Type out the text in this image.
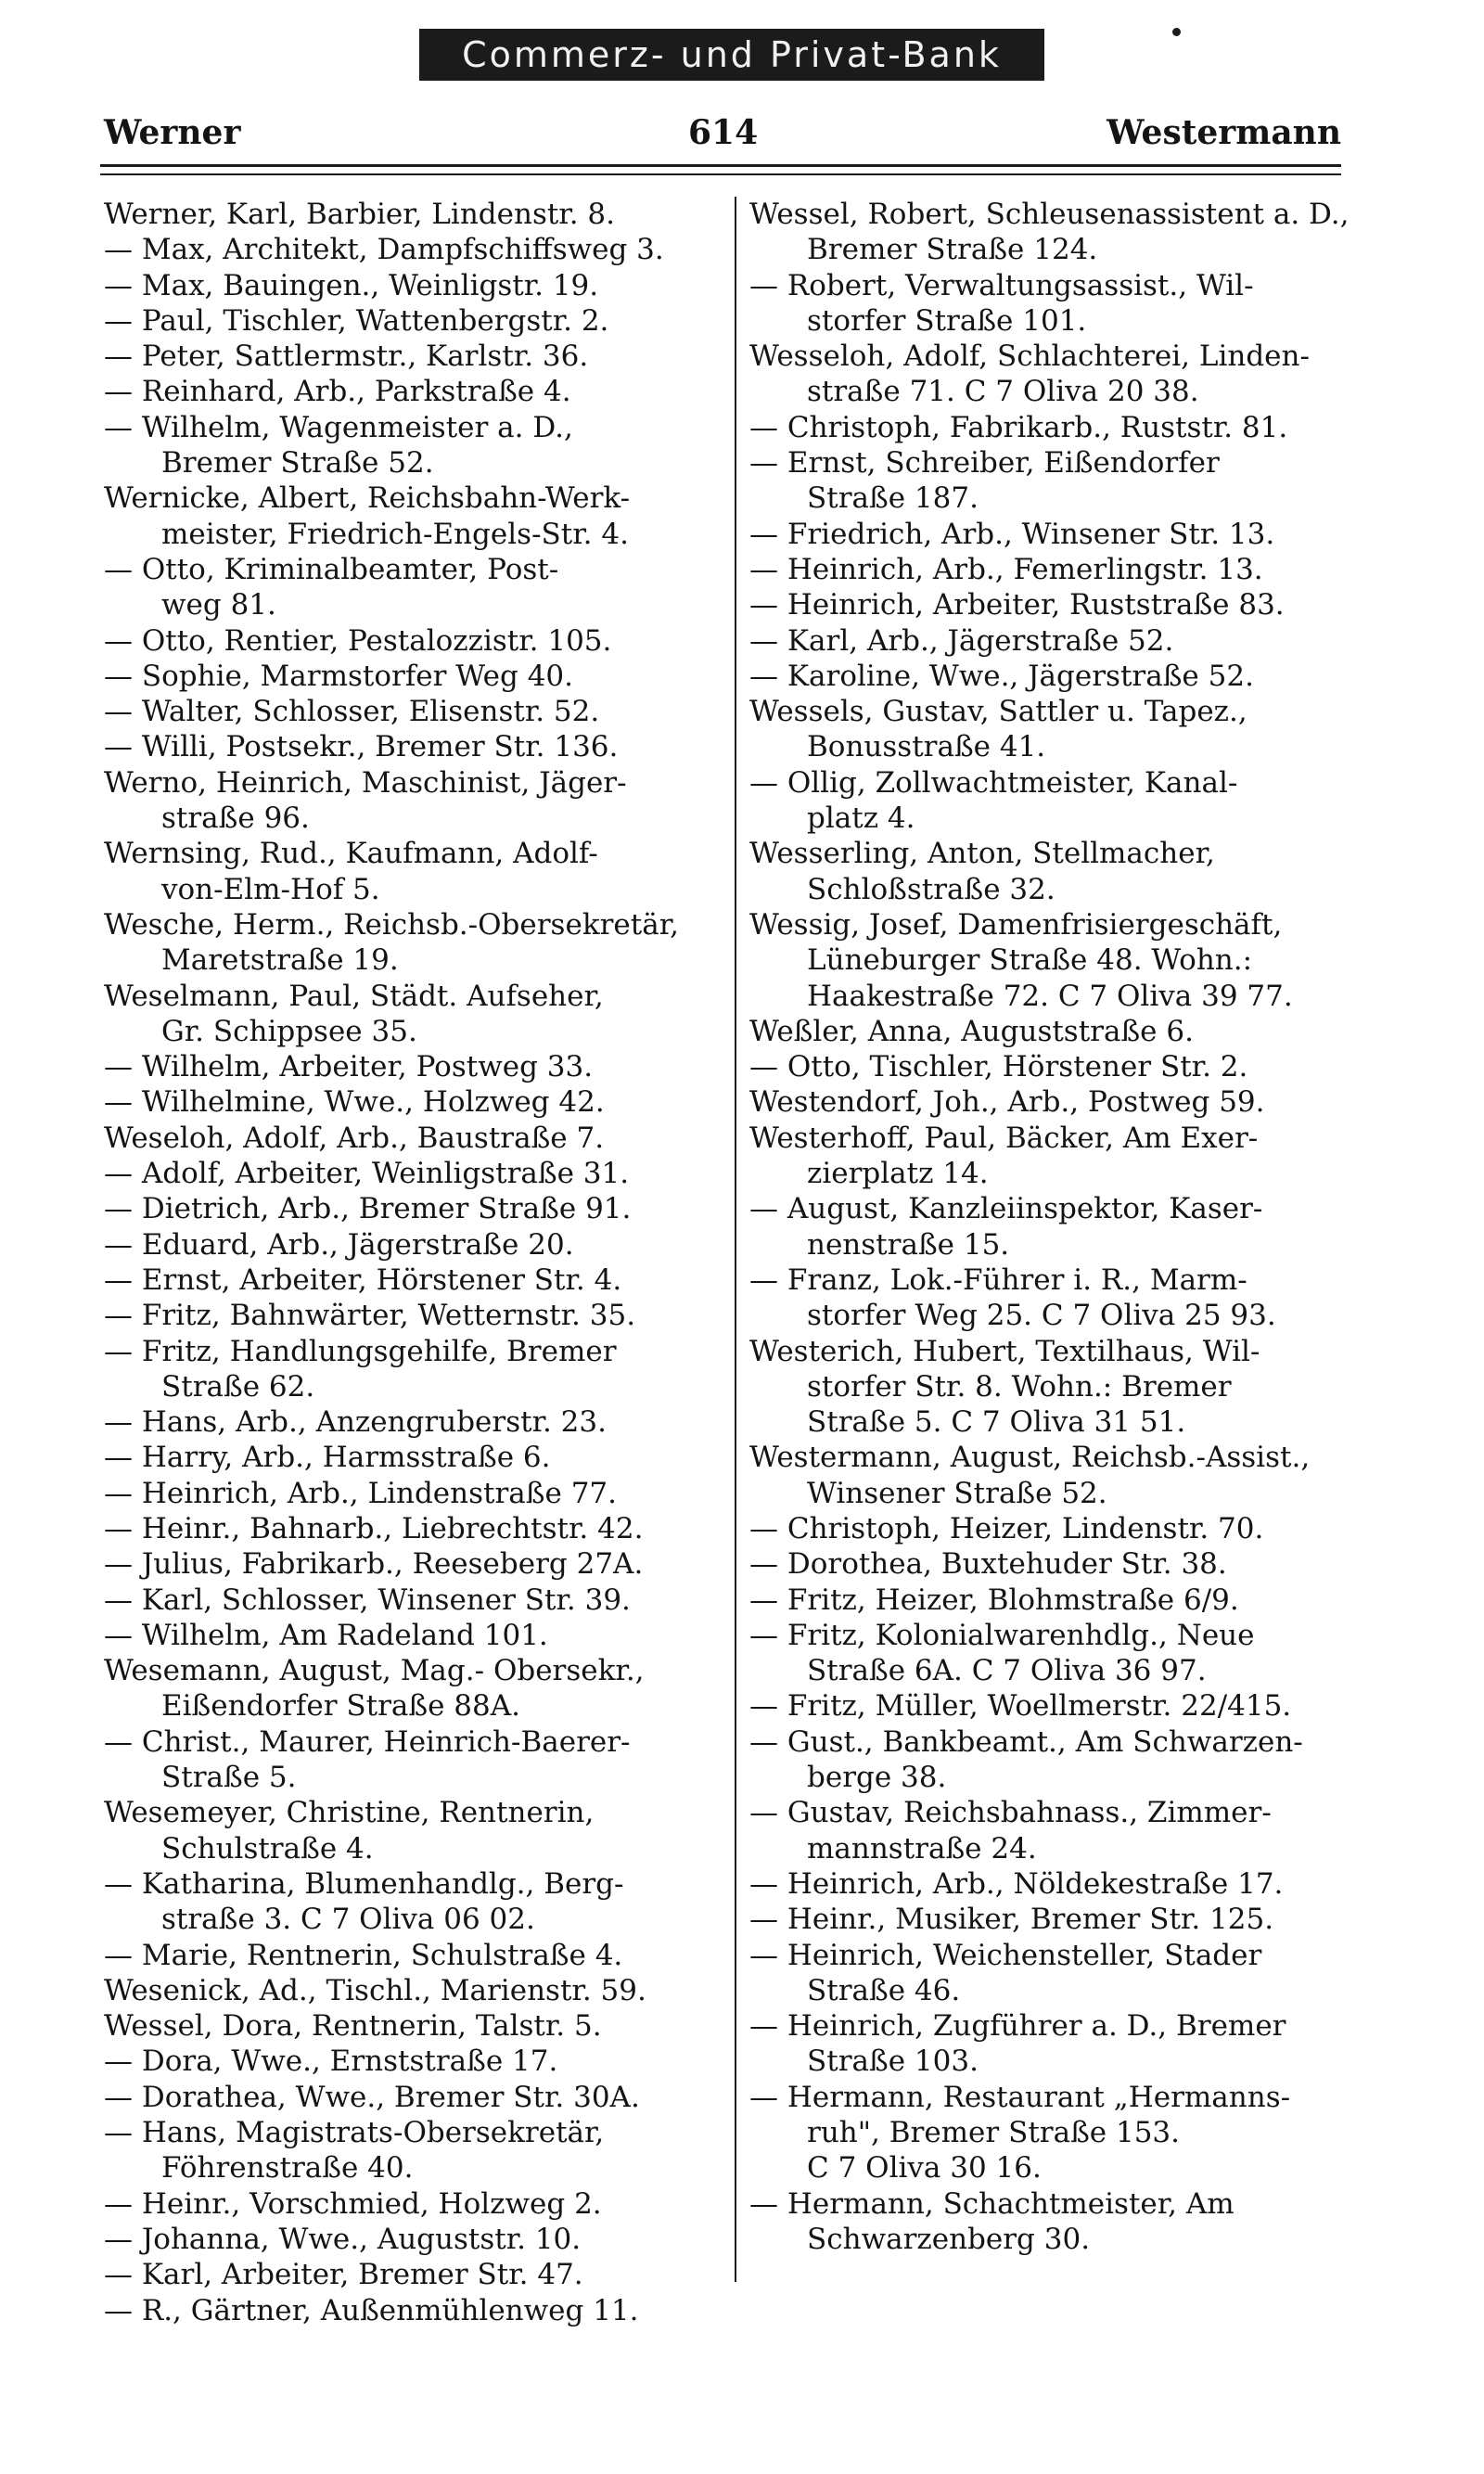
Commerz- und Privat-Bank
Werner	614	Westermann

Werner, Karl, Barbier, Lindenstr. 8.

— Max, Architekt, Dampfschiffsweg 3.

— Max, Bauingen., Weinligstr. 19.

— Paul, Tischler, Wattenbergstr. 2.

— Peter, Sattlermstr., Karlstr. 36.

— Reinhard, Arb., Parkstraße 4.

— Wilhelm, Wagenmeister a. D.,

Bremer Straße 52.

Wernicke, Albert, Reichsbahn-Werk-

meister, Friedrich-Engels-Str. 4.

— Otto, Kriminalbeamter, Post-

weg 81.

— Otto, Rentier, Pestalozzistr. 105.

— Sophie, Marmstorfer Weg 40.

— Walter, Schlosser, Elisenstr. 52.

— Willi, Postsekr., Bremer Str. 136.

Werno, Heinrich, Maschinist, Jäger-

straße 96.

Wernsing, Rud., Kaufmann, Adolf-

von-Elm-Hof 5.

Wesche, Herm., Reichsb.-Obersekretär,

Maretstraße 19.

Weselmann, Paul, Städt. Aufseher,

Gr. Schippsee 35.

— Wilhelm, Arbeiter, Postweg 33.

— Wilhelmine, Wwe., Holzweg 42.

Weseloh, Adolf, Arb., Baustraße 7.

— Adolf, Arbeiter, Weinligstraße 31.

— Dietrich, Arb., Bremer Straße 91.

— Eduard, Arb., Jägerstraße 20.

— Ernst, Arbeiter, Hörstener Str. 4.

— Fritz, Bahnwärter, Wetternstr. 35.

— Fritz, Handlungsgehilfe, Bremer

Straße 62.

— Hans, Arb., Anzengruberstr. 23.

— Harry, Arb., Harmsstraße 6.

— Heinrich, Arb., Lindenstraße 77.

— Heinr., Bahnarb., Liebrechtstr. 42.

— Julius, Fabrikarb., Reeseberg 27A.

— Karl, Schlosser, Winsener Str. 39.

— Wilhelm, Am Radeland 101.

Wesemann, August, Mag.- Obersekr.,

Eißendorfer Straße 88A.

— Christ., Maurer, Heinrich-Baerer-

Straße 5.

Wesemeyer, Christine, Rentnerin,

Schulstraße 4.

— Katharina, Blumenhandlg., Berg-

straße 3. C 7 Oliva 06 02.

— Marie, Rentnerin, Schulstraße 4.

Wesenick, Ad., Tischl., Marienstr. 59.

Wessel, Dora, Rentnerin, Talstr. 5.

— Dora, Wwe., Ernststraße 17.

— Dorathea, Wwe., Bremer Str. 30A.

— Hans, Magistrats-Obersekretär,

Föhrenstraße 40.

— Heinr., Vorschmied, Holzweg 2.

— Johanna, Wwe., Auguststr. 10.

— Karl, Arbeiter, Bremer Str. 47.

— R., Gärtner, Außenmühlenweg 11.

Wessel, Robert, Schleusenassistent a. D.,

Bremer Straße 124.

— Robert, Verwaltungsassist., Wil-

storfer Straße 101.

Wesseloh, Adolf, Schlachterei, Linden-

straße 71. C 7 Oliva 20 38.

— Christoph, Fabrikarb., Ruststr. 81.

— Ernst, Schreiber, Eißendorfer

Straße 187.

— Friedrich, Arb., Winsener Str. 13.

— Heinrich, Arb., Femerlingstr. 13.

— Heinrich, Arbeiter, Ruststraße 83.

— Karl, Arb., Jägerstraße 52.

— Karoline, Wwe., Jägerstraße 52.

Wessels, Gustav, Sattler u. Tapez.,

Bonusstraße 41.

— Ollig, Zollwachtmeister, Kanal-

platz 4.

Wesserling, Anton, Stellmacher,

Schloßstraße 32.

Wessig, Josef, Damenfrisiergeschäft,

Lüneburger Straße 48. Wohn.:

Haakestraße 72. C 7 Oliva 39 77.

Weßler, Anna, Auguststraße 6.

— Otto, Tischler, Hörstener Str. 2.

Westendorf, Joh., Arb., Postweg 59.

Westerhoff, Paul, Bäcker, Am Exer-

zierplatz 14.

— August, Kanzleiinspektor, Kaser-

nenstraße 15.

— Franz, Lok.-Führer i. R., Marm-

storfer Weg 25. C 7 Oliva 25 93.

Westerich, Hubert, Textilhaus, Wil-

storfer Str. 8. Wohn.: Bremer

Straße 5. C 7 Oliva 31 51.

Westermann, August, Reichsb.-Assist.,

Winsener Straße 52.

— Christoph, Heizer, Lindenstr. 70.

— Dorothea, Buxtehuder Str. 38.

— Fritz, Heizer, Blohmstraße 6/9.

— Fritz, Kolonialwarenhdlg., Neue

Straße 6A. C 7 Oliva 36 97.

— Fritz, Müller, Woellmerstr. 22/415.

— Gust., Bankbeamt., Am Schwarzen-

berge 38.

— Gustav, Reichsbahnass., Zimmer-

mannstraße 24.

— Heinrich, Arb., Nöldekestraße 17.

— Heinr., Musiker, Bremer Str. 125.

— Heinrich, Weichensteller, Stader

Straße 46.

— Heinrich, Zugführer a. D., Bremer

Straße 103.

— Hermann, Restaurant „Hermanns-

ruh", Bremer Straße 153.

C 7 Oliva 30 16.

— Hermann, Schachtmeister, Am

Schwarzenberg 30.
